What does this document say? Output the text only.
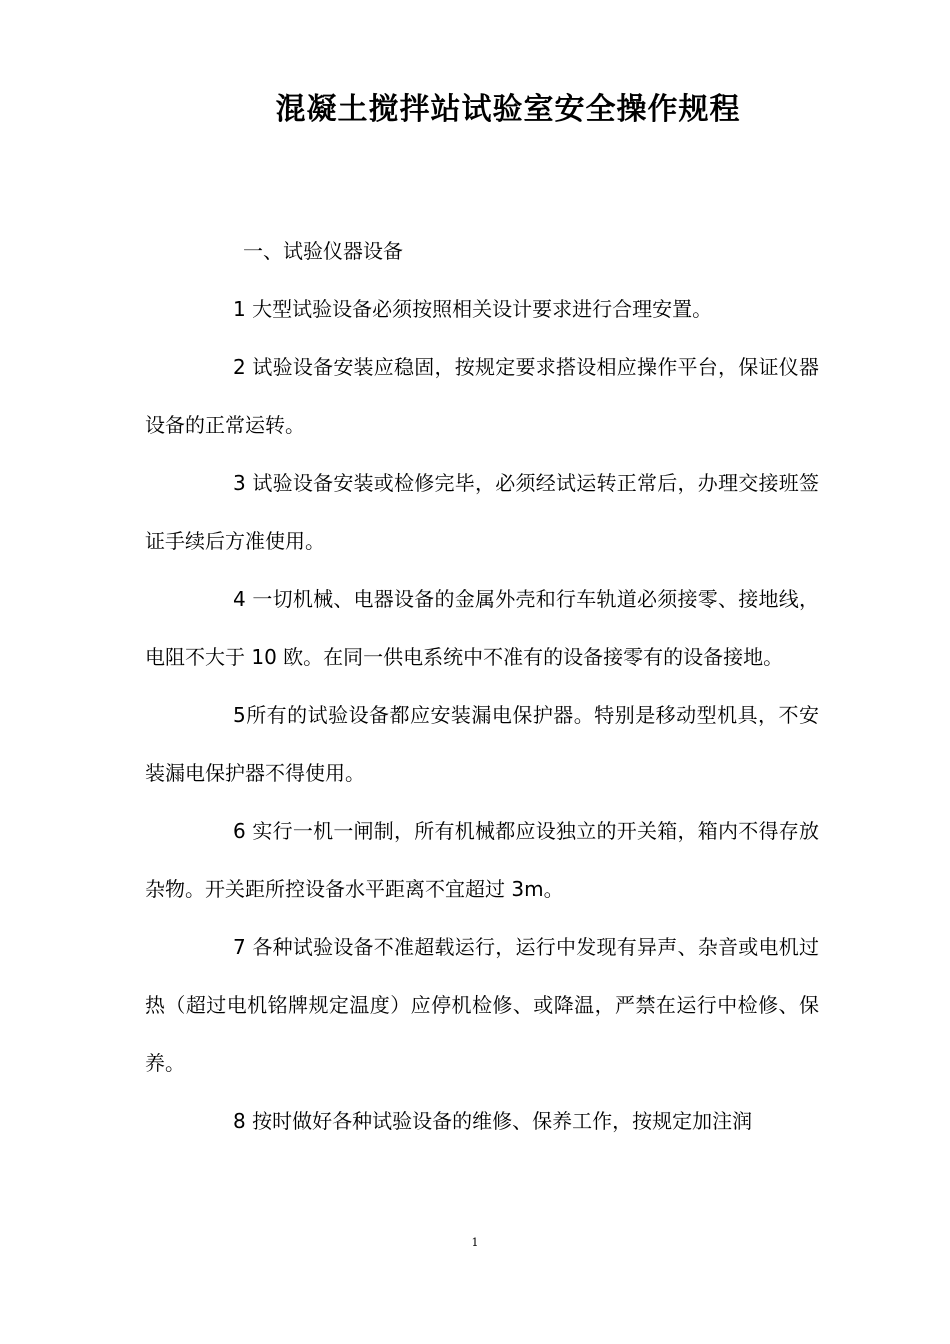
混凝土搅拌站试验室安全操作规程

一、试验仪器设备

1 大型试验设备必须按照相关设计要求进行合理安置。

2 试验设备安装应稳固，按规定要求搭设相应操作平台，保证仪器设备的正常运转。

3 试验设备安装或检修完毕，必须经试运转正常后，办理交接班签证手续后方准使用。

4 一切机械、电器设备的金属外壳和行车轨道必须接零、接地线，电阻不大于 10 欧。在同一供电系统中不准有的设备接零有的设备接地。

5所有的试验设备都应安装漏电保护器。特别是移动型机具，不安装漏电保护器不得使用。

6 实行一机一闸制，所有机械都应设独立的开关箱，箱内不得存放杂物。开关距所控设备水平距离不宜超过 3m。

7 各种试验设备不准超载运行，运行中发现有异声、杂音或电机过热（超过电机铭牌规定温度）应停机检修、或降温，严禁在运行中检修、保养。

8 按时做好各种试验设备的维修、保养工作，按规定加注润

1
